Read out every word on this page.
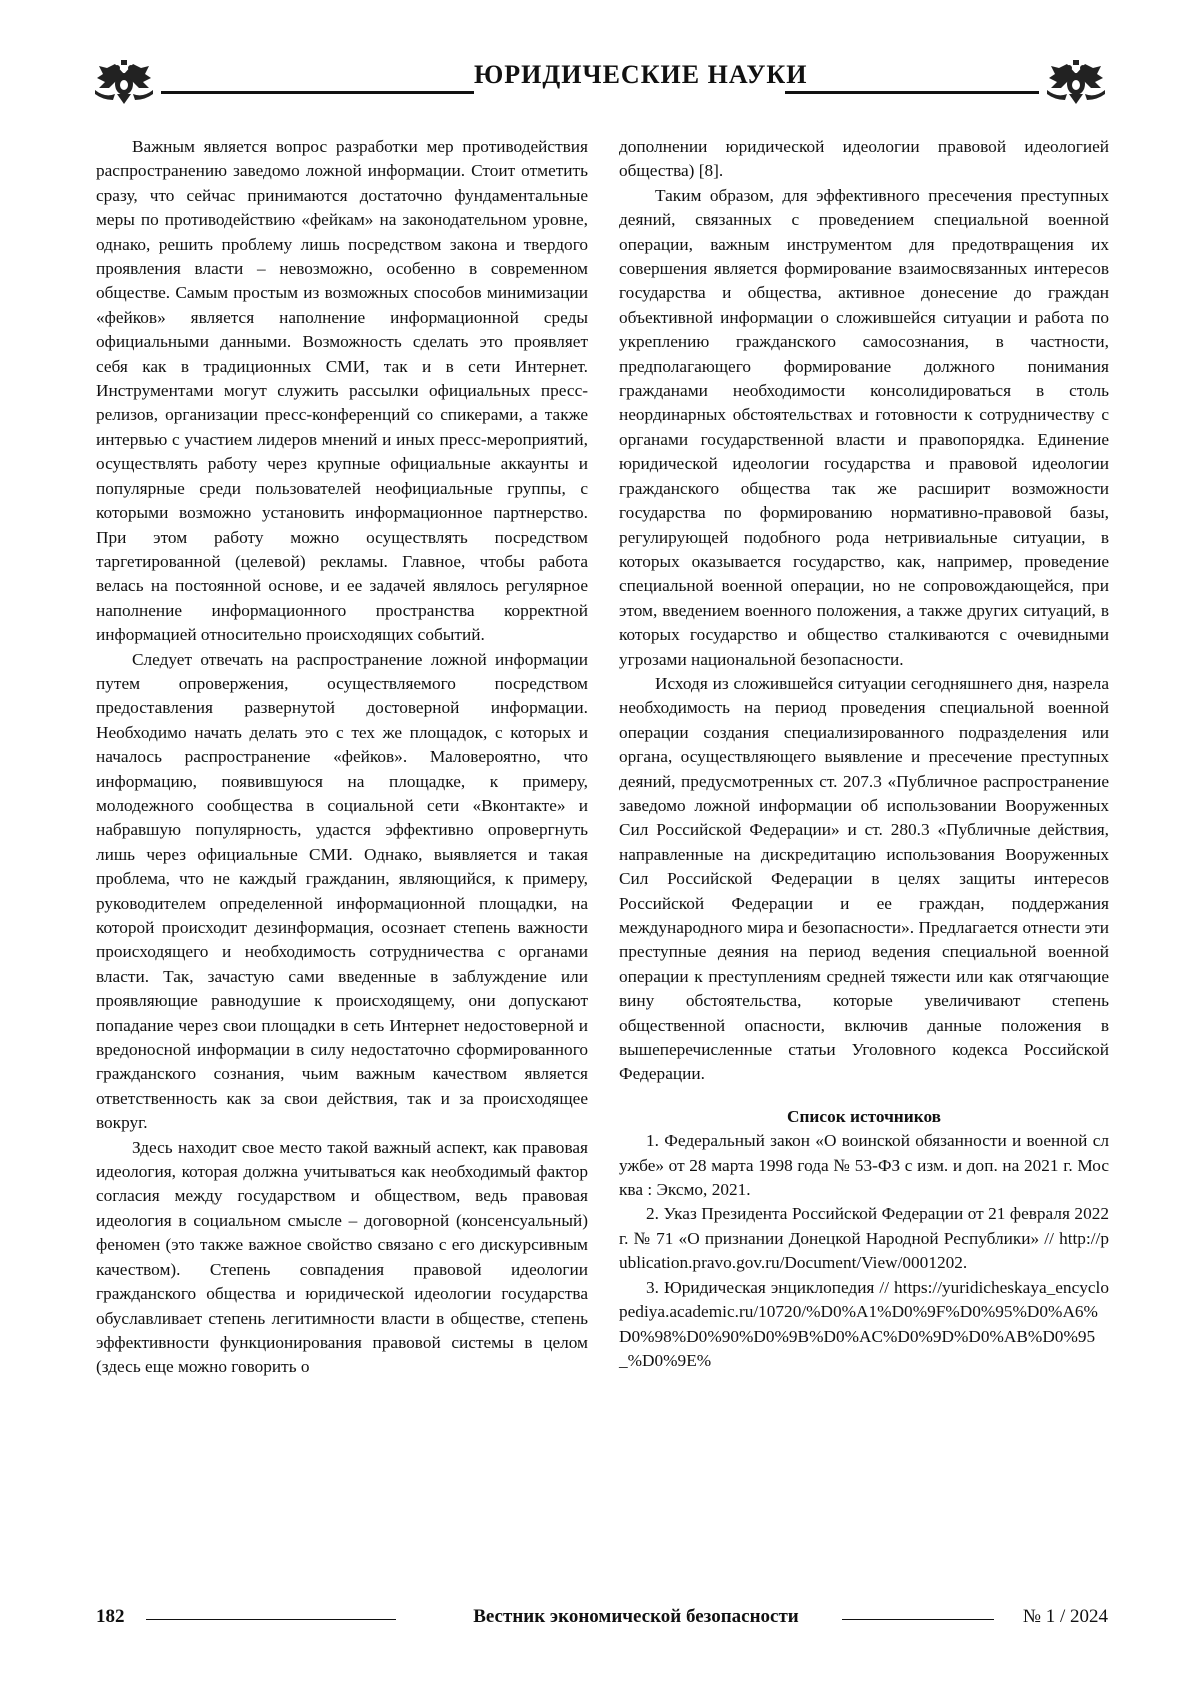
ЮРИДИЧЕСКИЕ НАУКИ

Важным является вопрос разработки мер противодействия распространению заведомо ложной информации. Стоит отметить сразу, что сейчас принимаются достаточно фундаментальные меры по противодействию «фейкам» на законодательном уровне, однако, решить проблему лишь посредством закона и твердого проявления власти – невозможно, особенно в современном обществе. Самым простым из возможных способов минимизации «фейков» является наполнение информационной среды официальными данными. Возможность сделать это проявляет себя как в традиционных СМИ, так и в сети Интернет. Инструментами могут служить рассылки официальных пресс-релизов, организации пресс-конференций со спикерами, а также интервью с участием лидеров мнений и иных пресс-мероприятий, осуществлять работу через крупные официальные аккаунты и популярные среди пользователей неофициальные группы, с которыми возможно установить информационное партнерство. При этом работу можно осуществлять посредством таргетированной (целевой) рекламы. Главное, чтобы работа велась на постоянной основе, и ее задачей являлось регулярное наполнение информационного пространства корректной информацией относительно происходящих событий.

Следует отвечать на распространение ложной информации путем опровержения, осуществляемого посредством предоставления развернутой достоверной информации. Необходимо начать делать это с тех же площадок, с которых и началось распространение «фейков». Маловероятно, что информацию, появившуюся на площадке, к примеру, молодежного сообщества в социальной сети «Вконтакте» и набравшую популярность, удастся эффективно опровергнуть лишь через официальные СМИ. Однако, выявляется и такая проблема, что не каждый гражданин, являющийся, к примеру, руководителем определенной информационной площадки, на которой происходит дезинформация, осознает степень важности происходящего и необходимость сотрудничества с органами власти. Так, зачастую сами введенные в заблуждение или проявляющие равнодушие к происходящему, они допускают попадание через свои площадки в сеть Интернет недостоверной и вредоносной информации в силу недостаточно сформированного гражданского сознания, чьим важным качеством является ответственность как за свои действия, так и за происходящее вокруг.

Здесь находит свое место такой важный аспект, как правовая идеология, которая должна учитываться как необходимый фактор согласия между государством и обществом, ведь правовая идеология в социальном смысле – договорной (консенсуальный) феномен (это также важное свойство связано с его дискурсивным качеством). Степень совпадения правовой идеологии гражданского общества и юридической идеологии государства обуславливает степень легитимности власти в обществе, степень эффективности функционирования правовой системы в целом (здесь еще можно говорить о

дополнении юридической идеологии правовой идеологией общества) [8].

Таким образом, для эффективного пресечения преступных деяний, связанных с проведением специальной военной операции, важным инструментом для предотвращения их совершения является формирование взаимосвязанных интересов государства и общества, активное донесение до граждан объективной информации о сложившейся ситуации и работа по укреплению гражданского самосознания, в частности, предполагающего формирование должного понимания гражданами необходимости консолидироваться в столь неординарных обстоятельствах и готовности к сотрудничеству с органами государственной власти и правопорядка. Единение юридической идеологии государства и правовой идеологии гражданского общества так же расширит возможности государства по формированию нормативно-правовой базы, регулирующей подобного рода нетривиальные ситуации, в которых оказывается государство, как, например, проведение специальной военной операции, но не сопровождающейся, при этом, введением военного положения, а также других ситуаций, в которых государство и общество сталкиваются с очевидными угрозами национальной безопасности.

Исходя из сложившейся ситуации сегодняшнего дня, назрела необходимость на период проведения специальной военной операции создания специализированного подразделения или органа, осуществляющего выявление и пресечение преступных деяний, предусмотренных ст. 207.3 «Публичное распространение заведомо ложной информации об использовании Вооруженных Сил Российской Федерации» и ст. 280.3 «Публичные действия, направленные на дискредитацию использования Вооруженных Сил Российской Федерации в целях защиты интересов Российской Федерации и ее граждан, поддержания международного мира и безопасности». Предлагается отнести эти преступные деяния на период ведения специальной военной операции к преступлениям средней тяжести или как отягчающие вину обстоятельства, которые увеличивают степень общественной опасности, включив данные положения в вышеперечисленные статьи Уголовного кодекса Российской Федерации.

Список источников

1. Федеральный закон «О воинской обязанности и военной службе» от 28 марта 1998 года № 53-ФЗ с изм. и доп. на 2021 г. Москва : Эксмо, 2021.

2. Указ Президента Российской Федерации от 21 февраля 2022 г. № 71 «О признании Донецкой Народной Республики» // http://publication.pravo.gov.ru/Document/View/0001202.

3. Юридическая энциклопедия // https://yuridicheskaya_encyclopediya.academic.ru/10720/%D0%A1%D0%9F%D0%95%D0%A6%D0%98%D0%90%D0%9B%D0%AC%D0%9D%D0%AB%D0%95_%D0%9E%

182	Вестник экономической безопасности	№ 1 / 2024
